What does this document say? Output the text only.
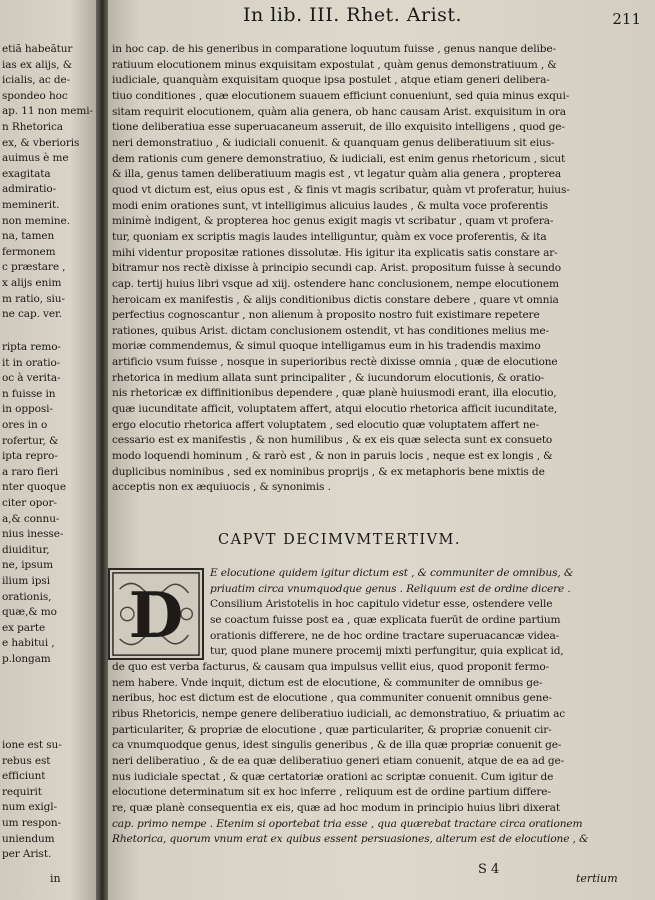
etiã habeãtur
ias ex alijs, &
icialis, ac de-
spondeo hoc
ap. 11 non memi-
n Rhetorica
ex, & vberioris
auimus è me
exagitata
admiratio-
meminerit.
non memine.
na, tamen
fermonem
c præstare ,
x alijs enim
m ratio, siu-
ne cap. ver.
ripta remo-
it in oratio-
oc à verita-
n fuisse in
in opposi-
ores in o
rofertur, &
ipta repro-
a raro fieri
nter quoque
citer opor-
a,& connu-
nius inesse-
diuiditur,
ne, ipsum
ilium ipsi
orationis,
quæ,& mo
ex parte
e habitui ,
p.longam
ione est su-
rebus est
efficiunt
requirit
num exigl-
um respon-
uniendum
per Arist.
in
In lib. III. Rhet. Arist.	211
in hoc cap. de his generibus in comparatione loquutum fuisse , genus nanque delibe-
ratiuum elocutionem minus exquisitam expostulat , quàm genus demonstratiuum , &
iudiciale, quanquàm exquisitam quoque ipsa postulet , atque etiam generi delibera-
tiuo conditiones , quæ elocutionem suauem efficiunt conueniunt, sed quia minus exqui-
sitam requirit elocutionem, quàm alia genera, ob hanc causam Arist. exquisitum in ora
tione deliberatiua esse superuacaneum asseruit, de illo exquisito intelligens , quod ge-
neri demonstratiuo , & iudiciali conuenit. & quanquam genus deliberatiuum sit eius-
dem rationis cum genere demonstratiuo, & iudiciali, est enim genus rhetoricum , sicut
& illa, genus tamen deliberatiuum magis est , vt legatur quàm alia genera , propterea
quod vt dictum est, eius opus est , & finis vt magis scribatur, quàm vt proferatur, huius-
modi enim orationes sunt, vt intelligimus alicuius laudes , & multa voce proferentis
minimè indigent, & propterea hoc genus exigit magis vt scribatur , quam vt profera-
tur, quoniam ex scriptis magis laudes intelliguntur, quàm ex voce proferentis, & ita
mihi videntur propositæ rationes dissolutæ. His igitur ita explicatis satis constare ar-
bitramur nos rectè dixisse à principio secundi cap. Arist. propositum fuisse à secundo
cap. tertij huius libri vsque ad xiij. ostendere hanc conclusionem, nempe elocutionem
heroicam ex manifestis , & alijs conditionibus dictis constare debere , quare vt omnia
perfectius cognoscantur , non alienum à proposito nostro fuit existimare repetere
rationes, quibus Arist. dictam conclusionem ostendit, vt has conditiones melius me-
moriæ commendemus, & simul quoque intelligamus eum in his tradendis maximo
artificio vsum fuisse , nosque in superioribus rectè dixisse omnia , quæ de elocutione
rhetorica in medium allata sunt principaliter , & iucundorum elocutionis, & oratio-
nis rhetoricæ ex diffinitionibus dependere , quæ planè huiusmodi erant, illa elocutio,
quæ iucunditate afficit, voluptatem affert, atqui elocutio rhetorica afficit iucunditate,
ergo elocutio rhetorica affert voluptatem , sed elocutio quæ voluptatem affert ne-
cessario est ex manifestis , & non humilibus , & ex eis quæ selecta sunt ex consueto
modo loquendi hominum , & rarò est , & non in paruis locis , neque est ex longis , &
duplicibus nominibus , sed ex nominibus proprijs , & ex metaphoris bene mixtis de
acceptis non ex æquiuocis , & synonimis .
CAPVT DECIMVMTERTIVM.
D
E elocutione quidem igitur dictum est , & communiter de omnibus, &
priuatim circa vnumquodque genus . Reliquum est de ordine dicere .
Consilium Aristotelis in hoc capitulo videtur esse, ostendere velle
se coactum fuisse post ea , quæ explicata fuerūt de ordine partium
orationis differere, ne de hoc ordine tractare superuacancæ videa-
tur, quod plane munere procemij mixti perfungitur, quia explicat id,
de quo est verba facturus, & causam qua impulsus vellit eius, quod proponit fermo-
nem habere. Vnde inquit, dictum est de elocutione, & communiter de omnibus ge-
neribus, hoc est dictum est de elocutione , qua communiter conuenit omnibus gene-
ribus Rhetoricis, nempe genere deliberatiuo iudiciali, ac demonstratiuo, & priuatim ac
particulariter, & propriæ de elocutione , quæ particulariter, & propriæ conuenit cir-
ca vnumquodque genus, idest singulis generibus , & de illa quæ propriæ conuenit ge-
neri deliberatiuo , & de ea quæ deliberatiuo generi etiam conuenit, atque de ea ad ge-
nus iudiciale spectat , & quæ certatoriæ orationi ac scriptæ conuenit. Cum igitur de
elocutione determinatum sit ex hoc inferre , reliquum est de ordine partium differe-
re, quæ planè consequentia ex eis, quæ ad hoc modum in principio huius libri dixerat
cap. primo nempe . Etenim si oportebat tria esse , qua quærebat tractare circa orationem
Rhetorica, quorum vnum erat ex quibus essent persuasiones, alterum est de elocutione , &
S 4
tertium
